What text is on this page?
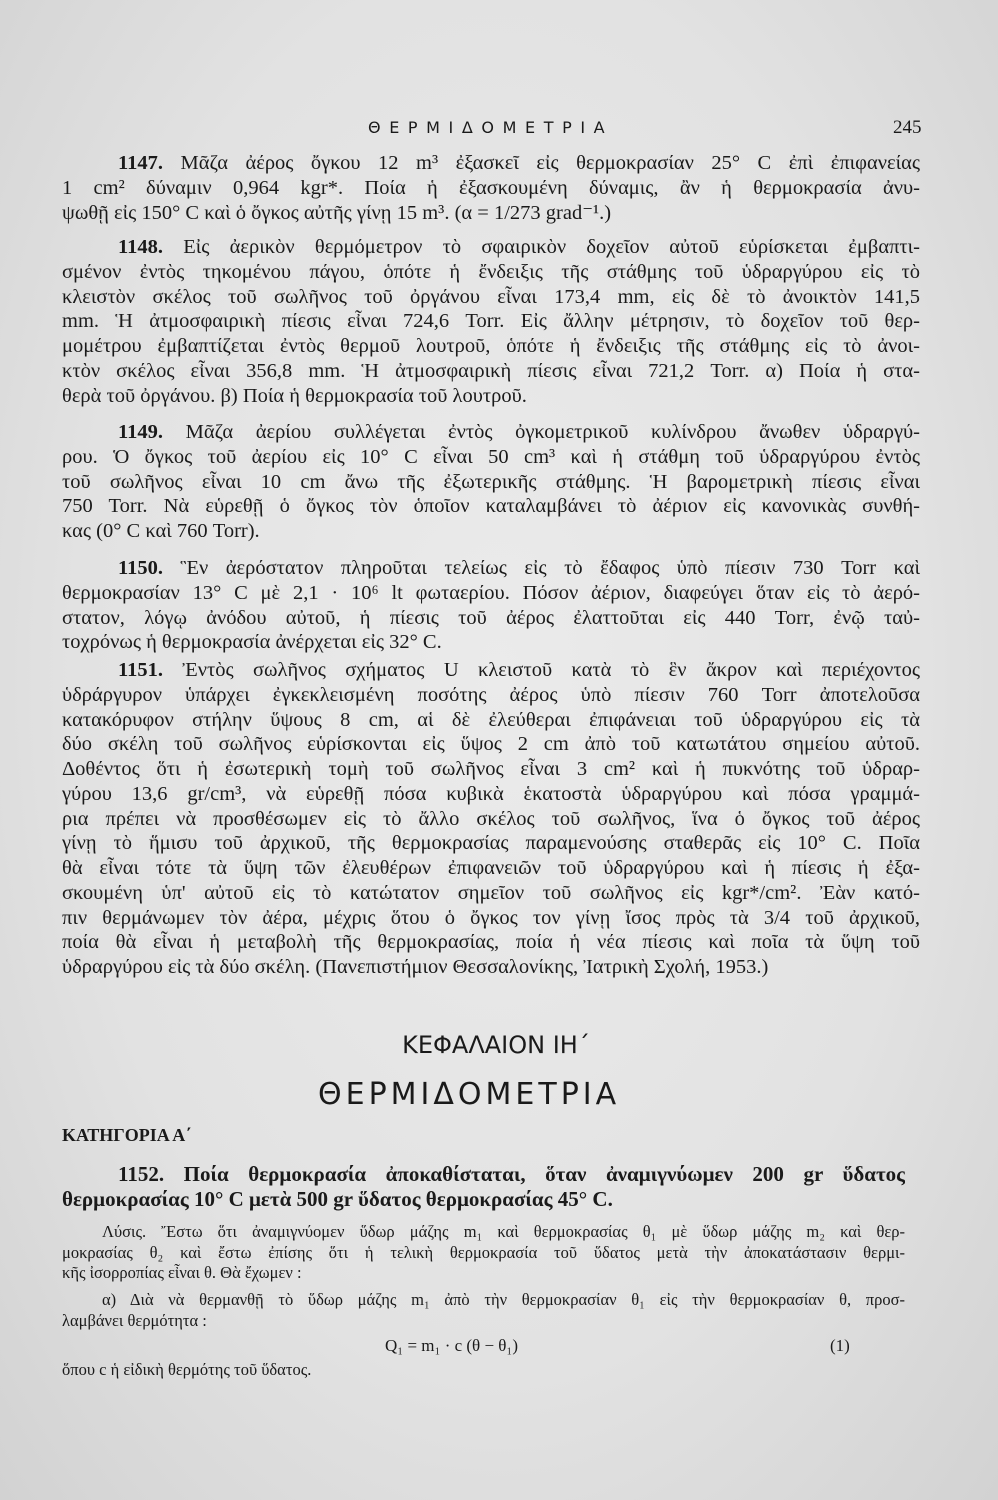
ΘΕΡΜΙΔΟΜΕΤΡΙΑ	245
1147. Μᾶζα ἀέρος ὄγκου 12 m³ ἐξασκεῖ εἰς θερμοκρασίαν 25° C ἐπὶ ἐπιφανείας
1 cm² δύναμιν 0,964 kgr*. Ποία ἡ ἐξασκουμένη δύναμις, ἂν ἡ θερμοκρασία ἀνυ-
ψωθῇ εἰς 150° C καὶ ὁ ὄγκος αὐτῆς γίνῃ 15 m³. (α = 1/273 grad⁻¹.)
1148. Εἰς ἀερικὸν θερμόμετρον τὸ σφαιρικὸν δοχεῖον αὐτοῦ εὑρίσκεται ἐμβαπτι-
σμένον ἐντὸς τηκομένου πάγου, ὁπότε ἡ ἔνδειξις τῆς στάθμης τοῦ ὑδραργύρου εἰς τὸ
κλειστὸν σκέλος τοῦ σωλῆνος τοῦ ὀργάνου εἶναι 173,4 mm, εἰς δὲ τὸ ἀνοικτὸν 141,5
mm. Ἡ ἀτμοσφαιρικὴ πίεσις εἶναι 724,6 Torr. Εἰς ἄλλην μέτρησιν, τὸ δοχεῖον τοῦ θερ-
μομέτρου ἐμβαπτίζεται ἐντὸς θερμοῦ λουτροῦ, ὁπότε ἡ ἔνδειξις τῆς στάθμης εἰς τὸ ἀνοι-
κτὸν σκέλος εἶναι 356,8 mm. Ἡ ἀτμοσφαιρικὴ πίεσις εἶναι 721,2 Torr. α) Ποία ἡ στα-
θερὰ τοῦ ὀργάνου. β) Ποία ἡ θερμοκρασία τοῦ λουτροῦ.
1149. Μᾶζα ἀερίου συλλέγεται ἐντὸς ὀγκομετρικοῦ κυλίνδρου ἄνωθεν ὑδραργύ-
ρου. Ὁ ὄγκος τοῦ ἀερίου εἰς 10° C εἶναι 50 cm³ καὶ ἡ στάθμη τοῦ ὑδραργύρου ἐντὸς
τοῦ σωλῆνος εἶναι 10 cm ἄνω τῆς ἐξωτερικῆς στάθμης. Ἡ βαρομετρικὴ πίεσις εἶναι
750 Torr. Νὰ εὑρεθῇ ὁ ὄγκος τὸν ὁποῖον καταλαμβάνει τὸ ἀέριον εἰς κανονικὰς συνθή-
κας (0° C καὶ 760 Torr).
1150. Ἓν ἀερόστατον πληροῦται τελείως εἰς τὸ ἔδαφος ὑπὸ πίεσιν 730 Torr καὶ
θερμοκρασίαν 13° C μὲ 2,1 · 10⁶ lt φωταερίου. Πόσον ἀέριον, διαφεύγει ὅταν εἰς τὸ ἀερό-
στατον, λόγῳ ἀνόδου αὐτοῦ, ἡ πίεσις τοῦ ἀέρος ἐλαττοῦται εἰς 440 Torr, ἐνῷ ταὐ-
τοχρόνως ἡ θερμοκρασία ἀνέρχεται εἰς 32° C.
1151. Ἐντὸς σωλῆνος σχήματος U κλειστοῦ κατὰ τὸ ἓν ἄκρον καὶ περιέχοντος
ὑδράργυρον ὑπάρχει ἐγκεκλεισμένη ποσότης ἀέρος ὑπὸ πίεσιν 760 Torr ἀποτελοῦσα
κατακόρυφον στήλην ὕψους 8 cm, αἱ δὲ ἐλεύθεραι ἐπιφάνειαι τοῦ ὑδραργύρου εἰς τὰ
δύο σκέλη τοῦ σωλῆνος εὑρίσκονται εἰς ὕψος 2 cm ἀπὸ τοῦ κατωτάτου σημείου αὐτοῦ.
Δοθέντος ὅτι ἡ ἐσωτερικὴ τομὴ τοῦ σωλῆνος εἶναι 3 cm² καὶ ἡ πυκνότης τοῦ ὑδραρ-
γύρου 13,6 gr/cm³, νὰ εὑρεθῇ πόσα κυβικὰ ἑκατοστὰ ὑδραργύρου καὶ πόσα γραμμά-
ρια πρέπει νὰ προσθέσωμεν εἰς τὸ ἄλλο σκέλος τοῦ σωλῆνος, ἵνα ὁ ὄγκος τοῦ ἀέρος
γίνῃ τὸ ἥμισυ τοῦ ἀρχικοῦ, τῆς θερμοκρασίας παραμενούσης σταθερᾶς εἰς 10° C. Ποῖα
θὰ εἶναι τότε τὰ ὕψη τῶν ἐλευθέρων ἐπιφανειῶν τοῦ ὑδραργύρου καὶ ἡ πίεσις ἡ ἐξα-
σκουμένη ὑπ' αὐτοῦ εἰς τὸ κατώτατον σημεῖον τοῦ σωλῆνος εἰς kgr*/cm². Ἐὰν κατό-
πιν θερμάνωμεν τὸν ἀέρα, μέχρις ὅτου ὁ ὄγκος τον γίνῃ ἴσος πρὸς τὰ 3/4 τοῦ ἀρχικοῦ,
ποία θὰ εἶναι ἡ μεταβολὴ τῆς θερμοκρασίας, ποία ἡ νέα πίεσις καὶ ποῖα τὰ ὕψη τοῦ
ὑδραργύρου εἰς τὰ δύο σκέλη. (Πανεπιστήμιον Θεσσαλονίκης, Ἰατρικὴ Σχολή, 1953.)
ΚΕΦΑΛΑΙΟΝ ΙΗ΄
ΘΕΡΜΙΔΟΜΕΤΡΙΑ
ΚΑΤΗΓΟΡΙΑ Α΄
1152. Ποία θερμοκρασία ἀποκαθίσταται, ὅταν ἀναμιγνύωμεν 200 gr ὕδατος
θερμοκρασίας 10° C μετὰ 500 gr ὕδατος θερμοκρασίας 45° C.
Λύσις. Ἔστω ὅτι ἀναμιγνύομεν ὕδωρ μάζης m₁ καὶ θερμοκρασίας θ₁ μὲ ὕδωρ μάζης m₂ καὶ θερ-
μοκρασίας θ₂ καὶ ἔστω ἐπίσης ὅτι ἡ τελικὴ θερμοκρασία τοῦ ὕδατος μετὰ τὴν ἀποκατάστασιν θερμι-
κῆς ἰσορροπίας εἶναι θ. Θὰ ἔχωμεν :
α) Διὰ νὰ θερμανθῇ τὸ ὕδωρ μάζης m₁ ἀπὸ τὴν θερμοκρασίαν θ₁ εἰς τὴν θερμοκρασίαν θ, προσ-
λαμβάνει θερμότητα :
Q₁ = m₁ · c (θ − θ₁)	(1)
ὅπου c ἡ εἰδικὴ θερμότης τοῦ ὕδατος.
